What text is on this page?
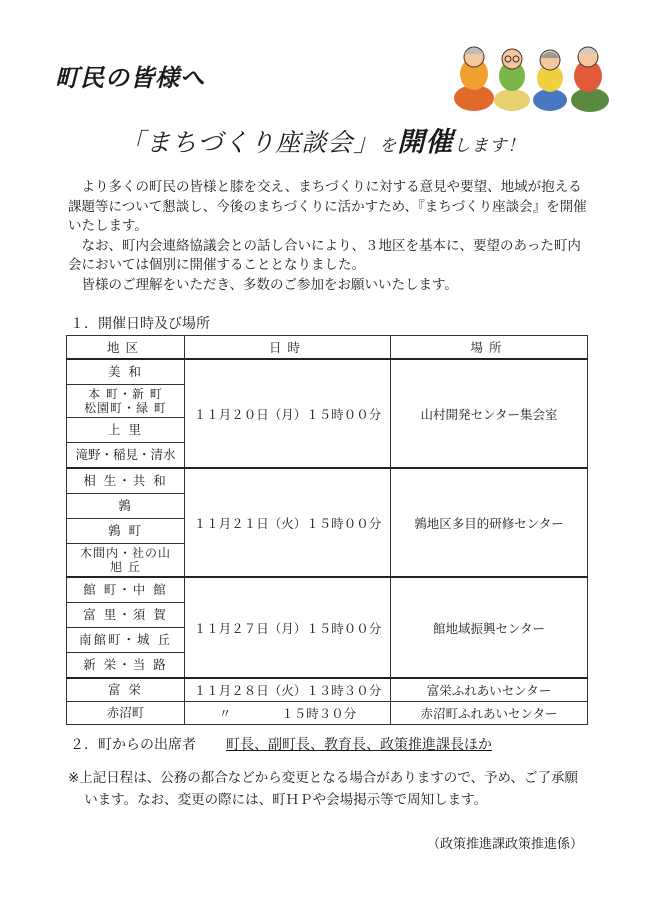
町民の皆様へ
「まちづくり座談会」を開催します！

より多くの町民の皆様と膝を交え、まちづくりに対する意見や要望、地域が抱える課題等について懇談し、今後のまちづくりに活かすため、『まちづくり座談会』を開催いたします。

なお、町内会連絡協議会との話し合いにより、３地区を基本に、要望のあった町内会においては個別に開催することとなりました。

皆様のご理解をいただき、多数のご参加をお願いいたします。

１．開催日時及び場所
地区	日時	場所
美 和	１１月２０日（月）１５時００分	山村開発センター集会室
本 町・新 町
松園町・緑 町		
上 里		
滝野・稲見・清水		
相 生・共 和	１１月２１日（火）１５時００分	鶉地区多目的研修センター
鶉		
鶉 町		
木間内・社の山
旭 丘		
館 町・中 館	１１月２７日（月）１５時００分	館地域振興センター
富 里・須 賀		
南館町・城 丘		
新 栄・当 路		
富 栄	１１月２８日（火）１３時３０分	富栄ふれあいセンター
赤沼町	〃　　　　１５時３０分	赤沼町ふれあいセンター
２．町からの出席者 町長、副町長、教育長、政策推進課長ほか

※上記日程は、公務の都合などから変更となる場合がありますので、予め、ご了承願います。なお、変更の際には、町ＨＰや会場掲示等で周知します。

（政策推進課政策推進係）
